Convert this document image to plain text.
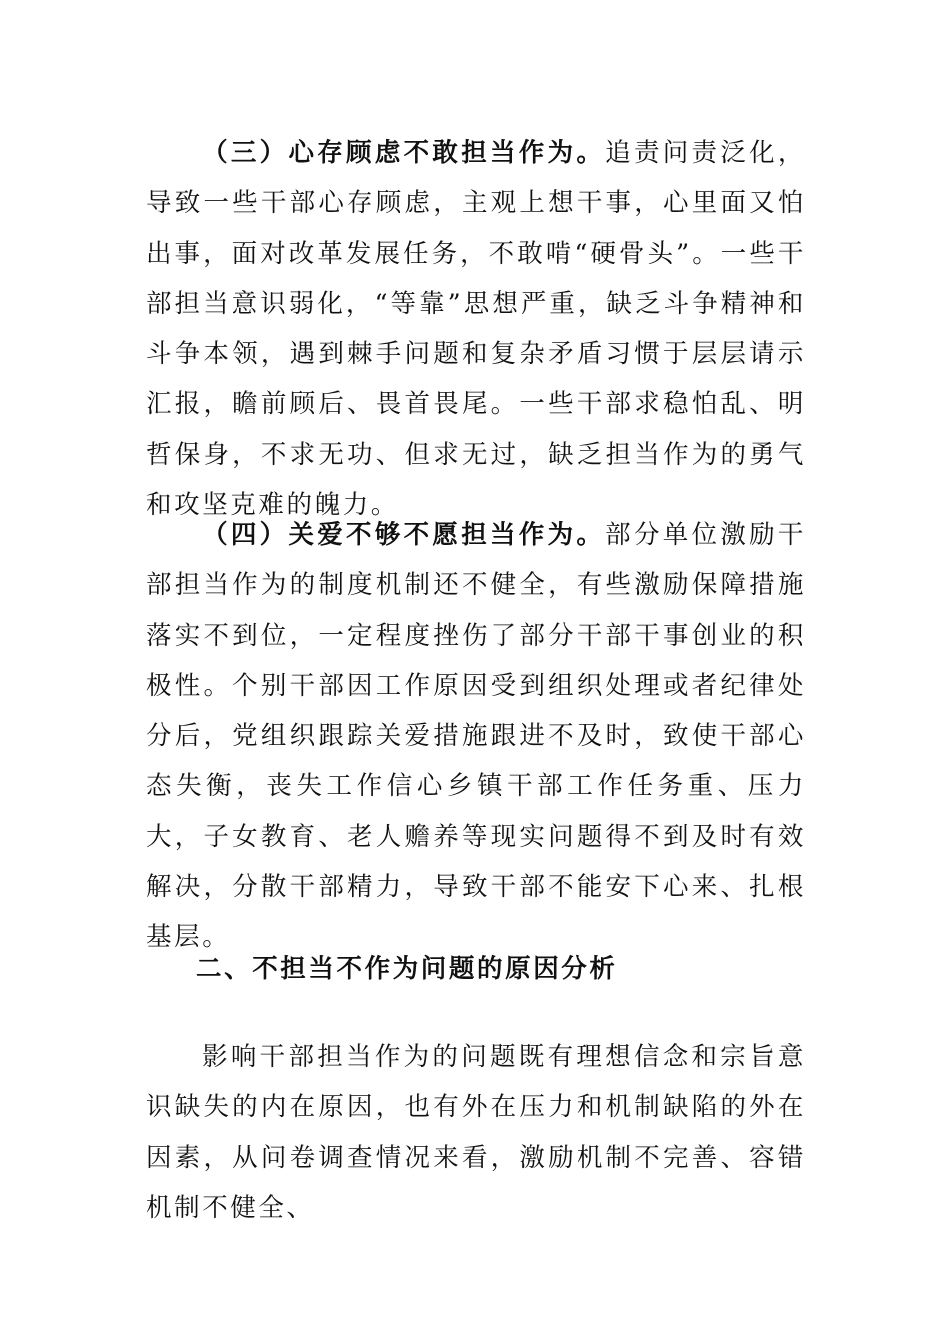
（三）心存顾虑不敢担当作为。追责问责泛化，导致一些干部心存顾虑，主观上想干事，心里面又怕出事，面对改革发展任务，不敢啃“硬骨头”。一些干部担当意识弱化，“等靠”思想严重，缺乏斗争精神和斗争本领，遇到棘手问题和复杂矛盾习惯于层层请示汇报，瞻前顾后、畏首畏尾。一些干部求稳怕乱、明哲保身，不求无功、但求无过，缺乏担当作为的勇气和攻坚克难的魄力。

（四）关爱不够不愿担当作为。部分单位激励干部担当作为的制度机制还不健全，有些激励保障措施落实不到位，一定程度挫伤了部分干部干事创业的积极性。个别干部因工作原因受到组织处理或者纪律处分后，党组织跟踪关爱措施跟进不及时，致使干部心态失衡，丧失工作信心乡镇干部工作任务重、压力大，子女教育、老人赡养等现实问题得不到及时有效解决，分散干部精力，导致干部不能安下心来、扎根基层。

二、不担当不作为问题的原因分析

影响干部担当作为的问题既有理想信念和宗旨意识缺失的内在原因，也有外在压力和机制缺陷的外在因素，从问卷调查情况来看，激励机制不完善、容错机制不健全、
